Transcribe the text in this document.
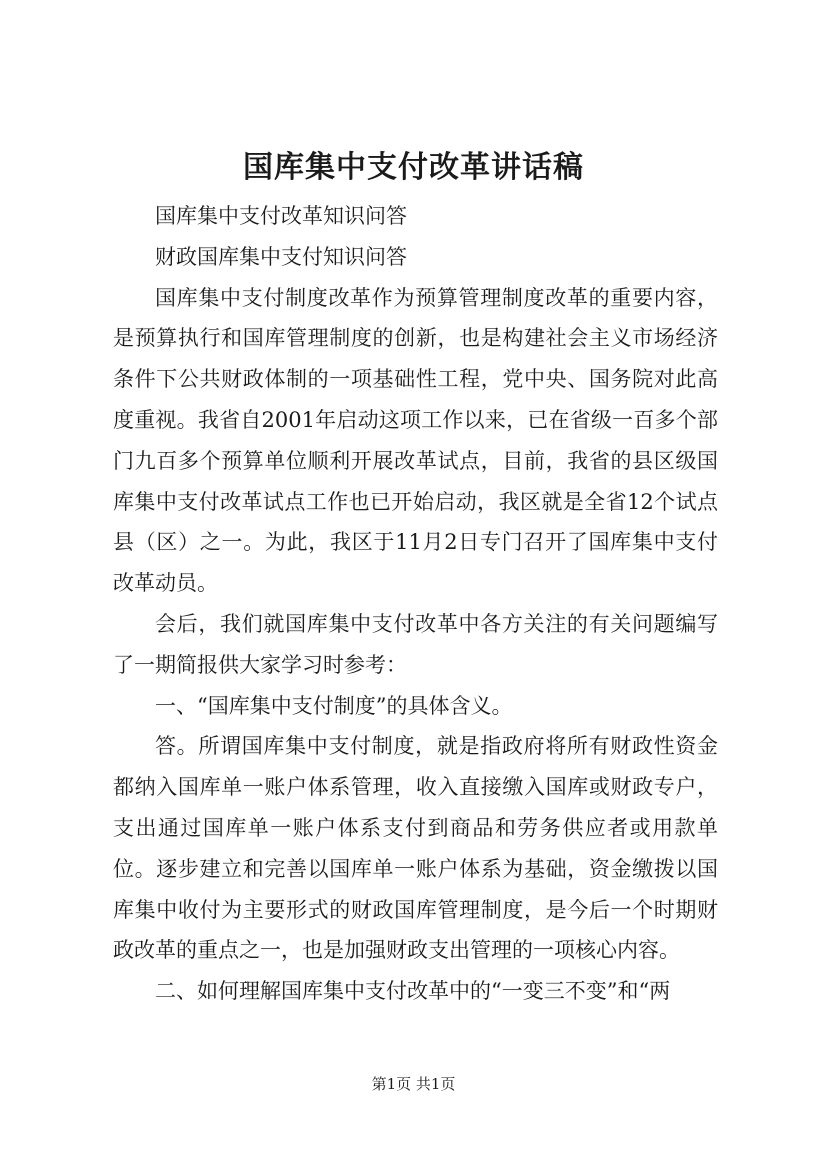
国库集中支付改革讲话稿

国库集中支付改革知识问答

财政国库集中支付知识问答

国库集中支付制度改革作为预算管理制度改革的重要内容，是预算执行和国库管理制度的创新，也是构建社会主义市场经济条件下公共财政体制的一项基础性工程，党中央、国务院对此高度重视。我省自2001年启动这项工作以来，已在省级一百多个部门九百多个预算单位顺利开展改革试点，目前，我省的县区级国库集中支付改革试点工作也已开始启动，我区就是全省12个试点县（区）之一。为此，我区于11月2日专门召开了国库集中支付改革动员。

会后，我们就国库集中支付改革中各方关注的有关问题编写了一期简报供大家学习时参考：

一、“国库集中支付制度”的具体含义。

答。所谓国库集中支付制度，就是指政府将所有财政性资金都纳入国库单一账户体系管理，收入直接缴入国库或财政专户，支出通过国库单一账户体系支付到商品和劳务供应者或用款单位。逐步建立和完善以国库单一账户体系为基础，资金缴拨以国库集中收付为主要形式的财政国库管理制度，是今后一个时期财政改革的重点之一，也是加强财政支出管理的一项核心内容。

二、如何理解国库集中支付改革中的“一变三不变”和“两

第1页 共1页
